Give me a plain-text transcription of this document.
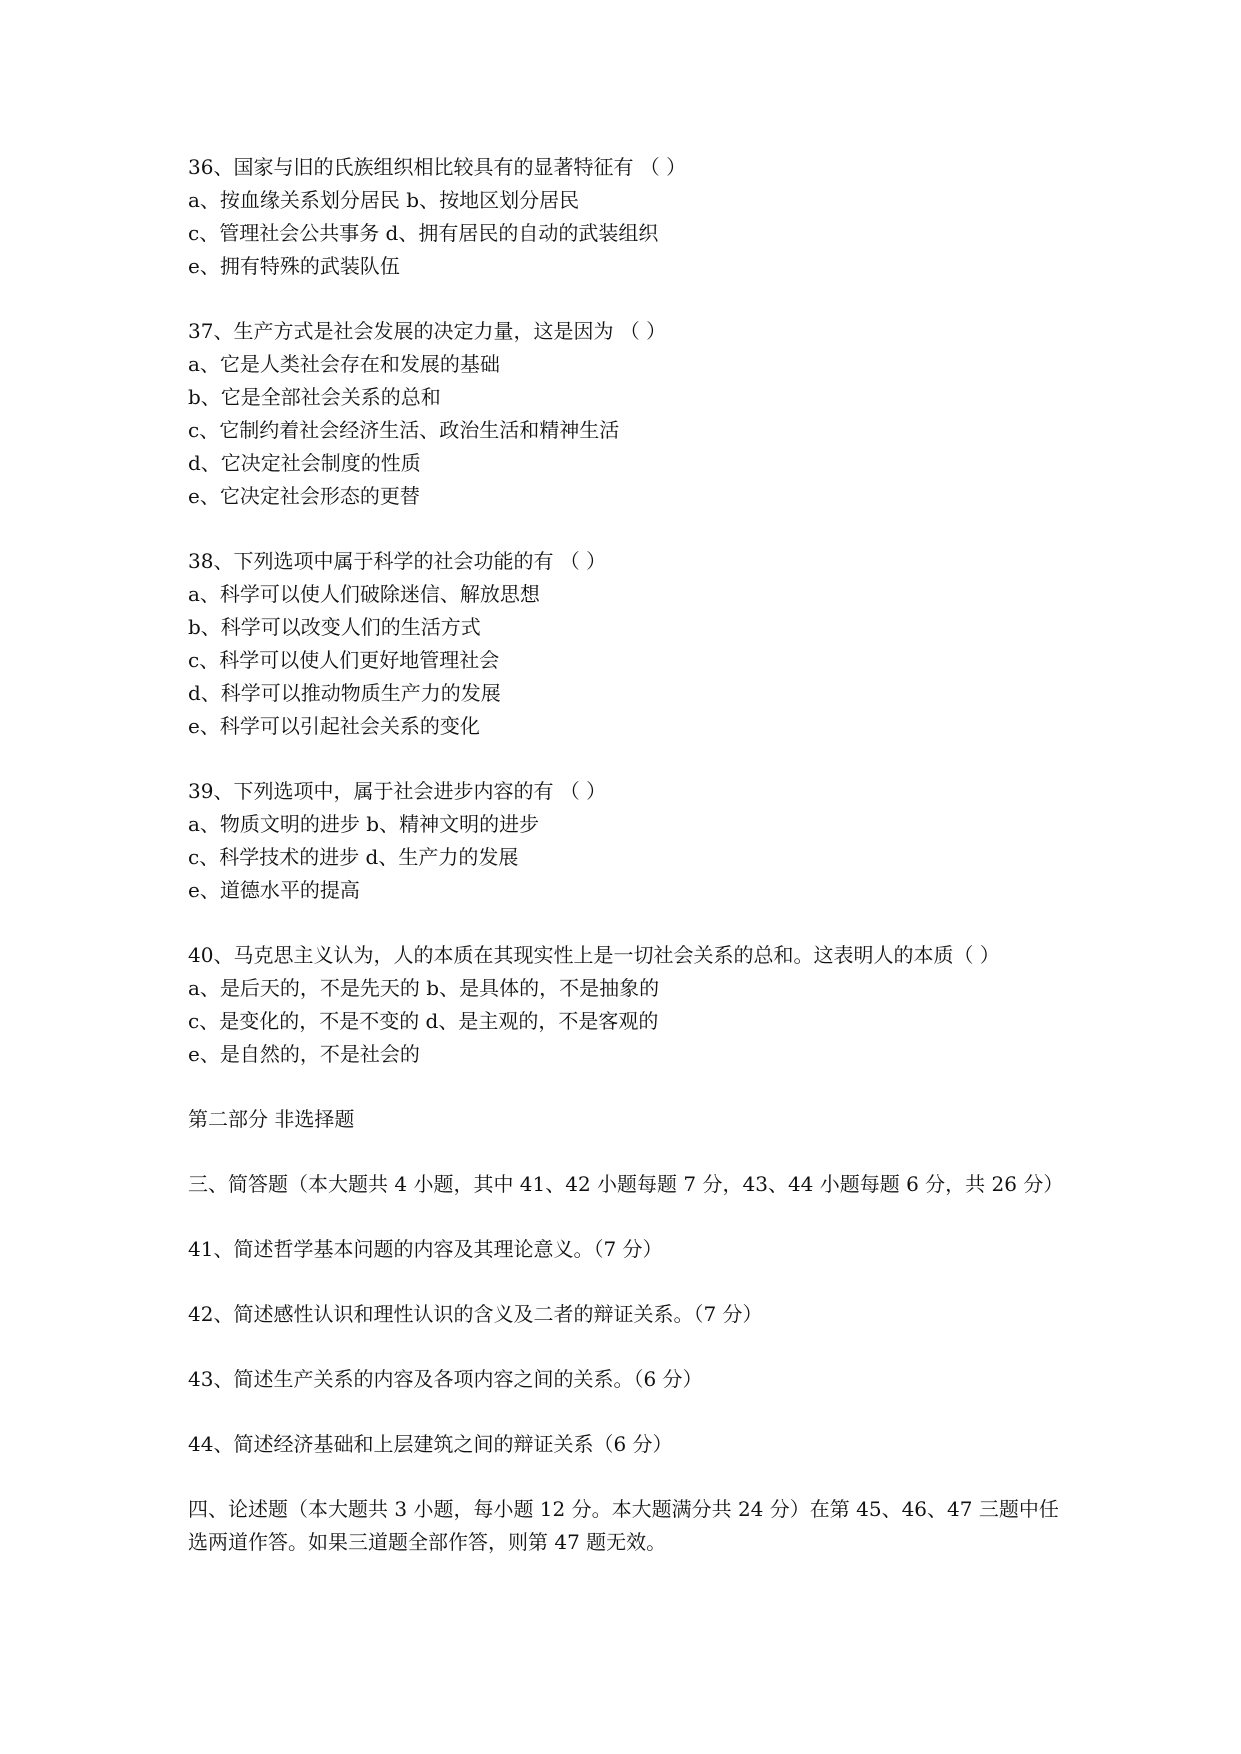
36、国家与旧的氏族组织相比较具有的显著特征有 （ ）
a、按血缘关系划分居民 b、按地区划分居民
c、管理社会公共事务 d、拥有居民的自动的武装组织
e、拥有特殊的武装队伍
37、生产方式是社会发展的决定力量，这是因为 （ ）
a、它是人类社会存在和发展的基础
b、它是全部社会关系的总和
c、它制约着社会经济生活、政治生活和精神生活
d、它决定社会制度的性质
e、它决定社会形态的更替
38、下列选项中属于科学的社会功能的有 （ ）
a、科学可以使人们破除迷信、解放思想
b、科学可以改变人们的生活方式
c、科学可以使人们更好地管理社会
d、科学可以推动物质生产力的发展
e、科学可以引起社会关系的变化
39、下列选项中，属于社会进步内容的有 （ ）
a、物质文明的进步 b、精神文明的进步
c、科学技术的进步 d、生产力的发展
e、道德水平的提高
40、马克思主义认为，人的本质在其现实性上是一切社会关系的总和。这表明人的本质（ ）
a、是后天的，不是先天的 b、是具体的，不是抽象的
c、是变化的，不是不变的 d、是主观的，不是客观的
e、是自然的，不是社会的
第二部分 非选择题
三、简答题（本大题共 4 小题，其中 41、42 小题每题 7 分，43、44 小题每题 6 分，共 26 分）
41、简述哲学基本问题的内容及其理论意义。（7 分）
42、简述感性认识和理性认识的含义及二者的辩证关系。（7 分）
43、简述生产关系的内容及各项内容之间的关系。（6 分）
44、简述经济基础和上层建筑之间的辩证关系（6 分）
四、论述题（本大题共 3 小题，每小题 12 分。本大题满分共 24 分）在第 45、46、47 三题中任选两道作答。如果三道题全部作答，则第 47 题无效。
